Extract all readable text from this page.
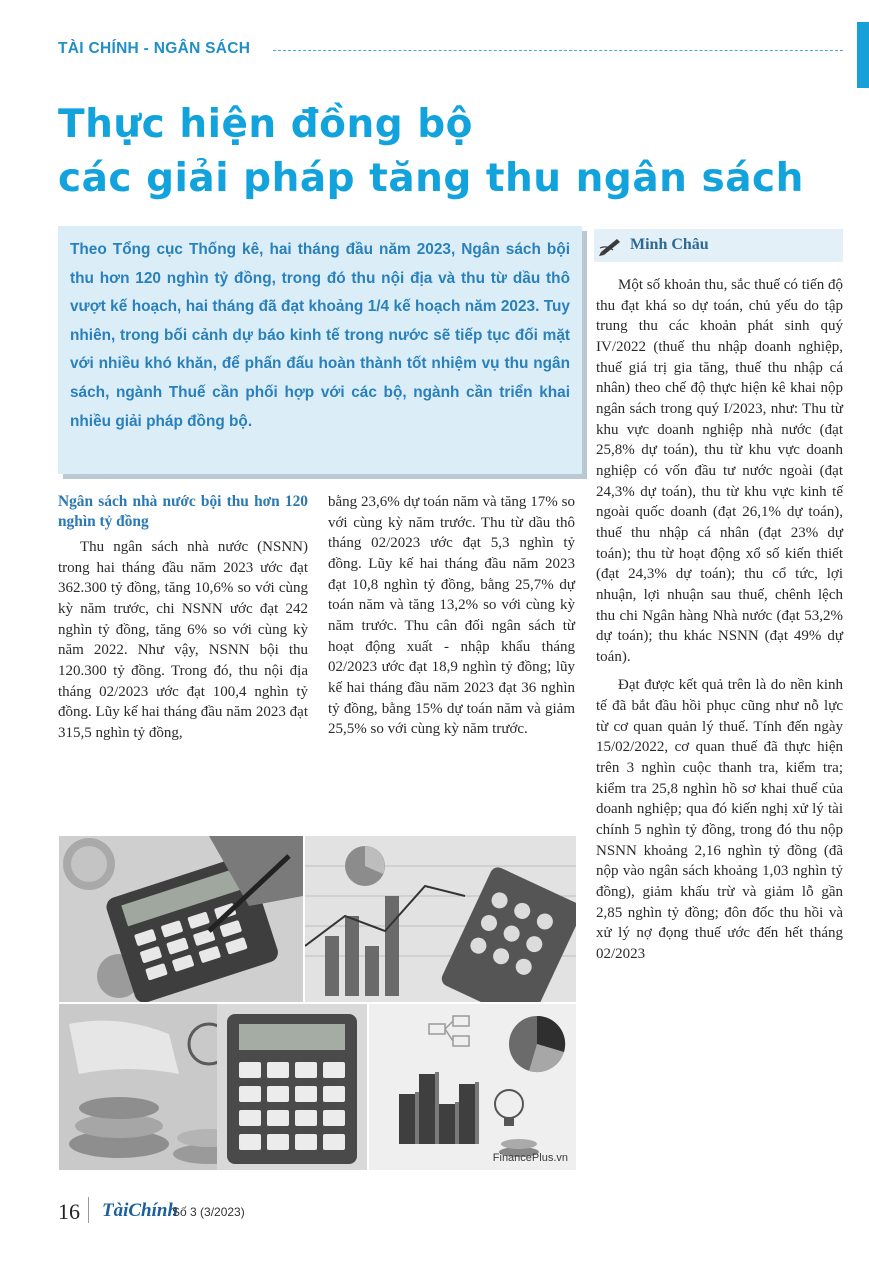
TÀI CHÍNH - NGÂN SÁCH
Thực hiện đồng bộ
các giải pháp tăng thu ngân sách

Theo Tổng cục Thống kê, hai tháng đầu năm 2023, Ngân sách bội thu hơn 120 nghìn tỷ đồng, trong đó thu nội địa và thu từ dầu thô vượt kế hoạch, hai tháng đã đạt khoảng 1/4 kế hoạch năm 2023. Tuy nhiên, trong bối cảnh dự báo kinh tế trong nước sẽ tiếp tục đối mặt với nhiều khó khăn, để phấn đấu hoàn thành tốt nhiệm vụ thu ngân sách, ngành Thuế cần phối hợp với các bộ, ngành cần triển khai nhiều giải pháp đồng bộ.

Minh Châu
Ngân sách nhà nước bội thu hơn 120 nghìn tỷ đồng

Thu ngân sách nhà nước (NSNN) trong hai tháng đầu năm 2023 ước đạt 362.300 tỷ đồng, tăng 10,6% so với cùng kỳ năm trước, chi NSNN ước đạt 242 nghìn tỷ đồng, tăng 6% so với cùng kỳ năm 2022. Như vậy, NSNN bội thu 120.300 tỷ đồng. Trong đó, thu nội địa tháng 02/2023 ước đạt 100,4 nghìn tỷ đồng. Lũy kế hai tháng đầu năm 2023 đạt 315,5 nghìn tỷ đồng,

bằng 23,6% dự toán năm và tăng 17% so với cùng kỳ năm trước. Thu từ dầu thô tháng 02/2023 ước đạt 5,3 nghìn tỷ đồng. Lũy kế hai tháng đầu năm 2023 đạt 10,8 nghìn tỷ đồng, bằng 25,7% dự toán năm và tăng 13,2% so với cùng kỳ năm trước. Thu cân đối ngân sách từ hoạt động xuất - nhập khẩu tháng 02/2023 ước đạt 18,9 nghìn tỷ đồng; lũy kế hai tháng đầu năm 2023 đạt 36 nghìn tỷ đồng, bằng 15% dự toán năm và giảm 25,5% so với cùng kỳ năm trước.

Một số khoản thu, sắc thuế có tiến độ thu đạt khá so dự toán, chủ yếu do tập trung thu các khoản phát sinh quý IV/2022 (thuế thu nhập doanh nghiệp, thuế giá trị gia tăng, thuế thu nhập cá nhân) theo chế độ thực hiện kê khai nộp ngân sách trong quý I/2023, như: Thu từ khu vực doanh nghiệp nhà nước (đạt 25,8% dự toán), thu từ khu vực doanh nghiệp có vốn đầu tư nước ngoài (đạt 24,3% dự toán), thu từ khu vực kinh tế ngoài quốc doanh (đạt 26,1% dự toán), thuế thu nhập cá nhân (đạt 23% dự toán); thu từ hoạt động xổ số kiến thiết (đạt 24,3% dự toán); thu cổ tức, lợi nhuận, lợi nhuận sau thuế, chênh lệch thu chi Ngân hàng Nhà nước (đạt 53,2% dự toán); thu khác NSNN (đạt 49% dự toán).

Đạt được kết quả trên là do nền kinh tế đã bắt đầu hồi phục cũng như nỗ lực từ cơ quan quản lý thuế. Tính đến ngày 15/02/2022, cơ quan thuế đã thực hiện trên 3 nghìn cuộc thanh tra, kiểm tra; kiểm tra 25,8 nghìn hồ sơ khai thuế của doanh nghiệp; qua đó kiến nghị xử lý tài chính 5 nghìn tỷ đồng, trong đó thu nộp NSNN khoảng 2,16 nghìn tỷ đồng (đã nộp vào ngân sách khoảng 1,03 nghìn tỷ đồng), giảm khấu trừ và giảm lỗ gần 2,85 nghìn tỷ đồng; đôn đốc thu hồi và xử lý nợ đọng thuế ước đến hết tháng 02/2023

FinancePlus.vn
16 TàiChính
Số 3 (3/2023)
